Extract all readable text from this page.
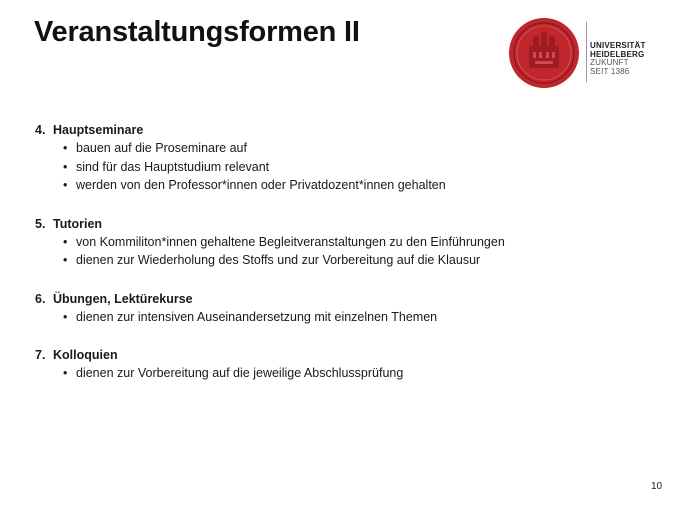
Veranstaltungsformen II	UNIVERSITÄT
HEIDELBERG
ZUKUNFT
SEIT 1386
4. Hauptseminare
• bauen auf die Proseminare auf
• sind für das Hauptstudium relevant
• werden von den Professor*innen oder Privatdozent*innen gehalten
5. Tutorien
• von Kommiliton*innen gehaltene Begleitveranstaltungen zu den Einführungen
• dienen zur Wiederholung des Stoffs und zur Vorbereitung auf die Klausur
6. Übungen, Lektürekurse
• dienen zur intensiven Auseinandersetzung mit einzelnen Themen
7. Kolloquien
• dienen zur Vorbereitung auf die jeweilige Abschlussprüfung
10
